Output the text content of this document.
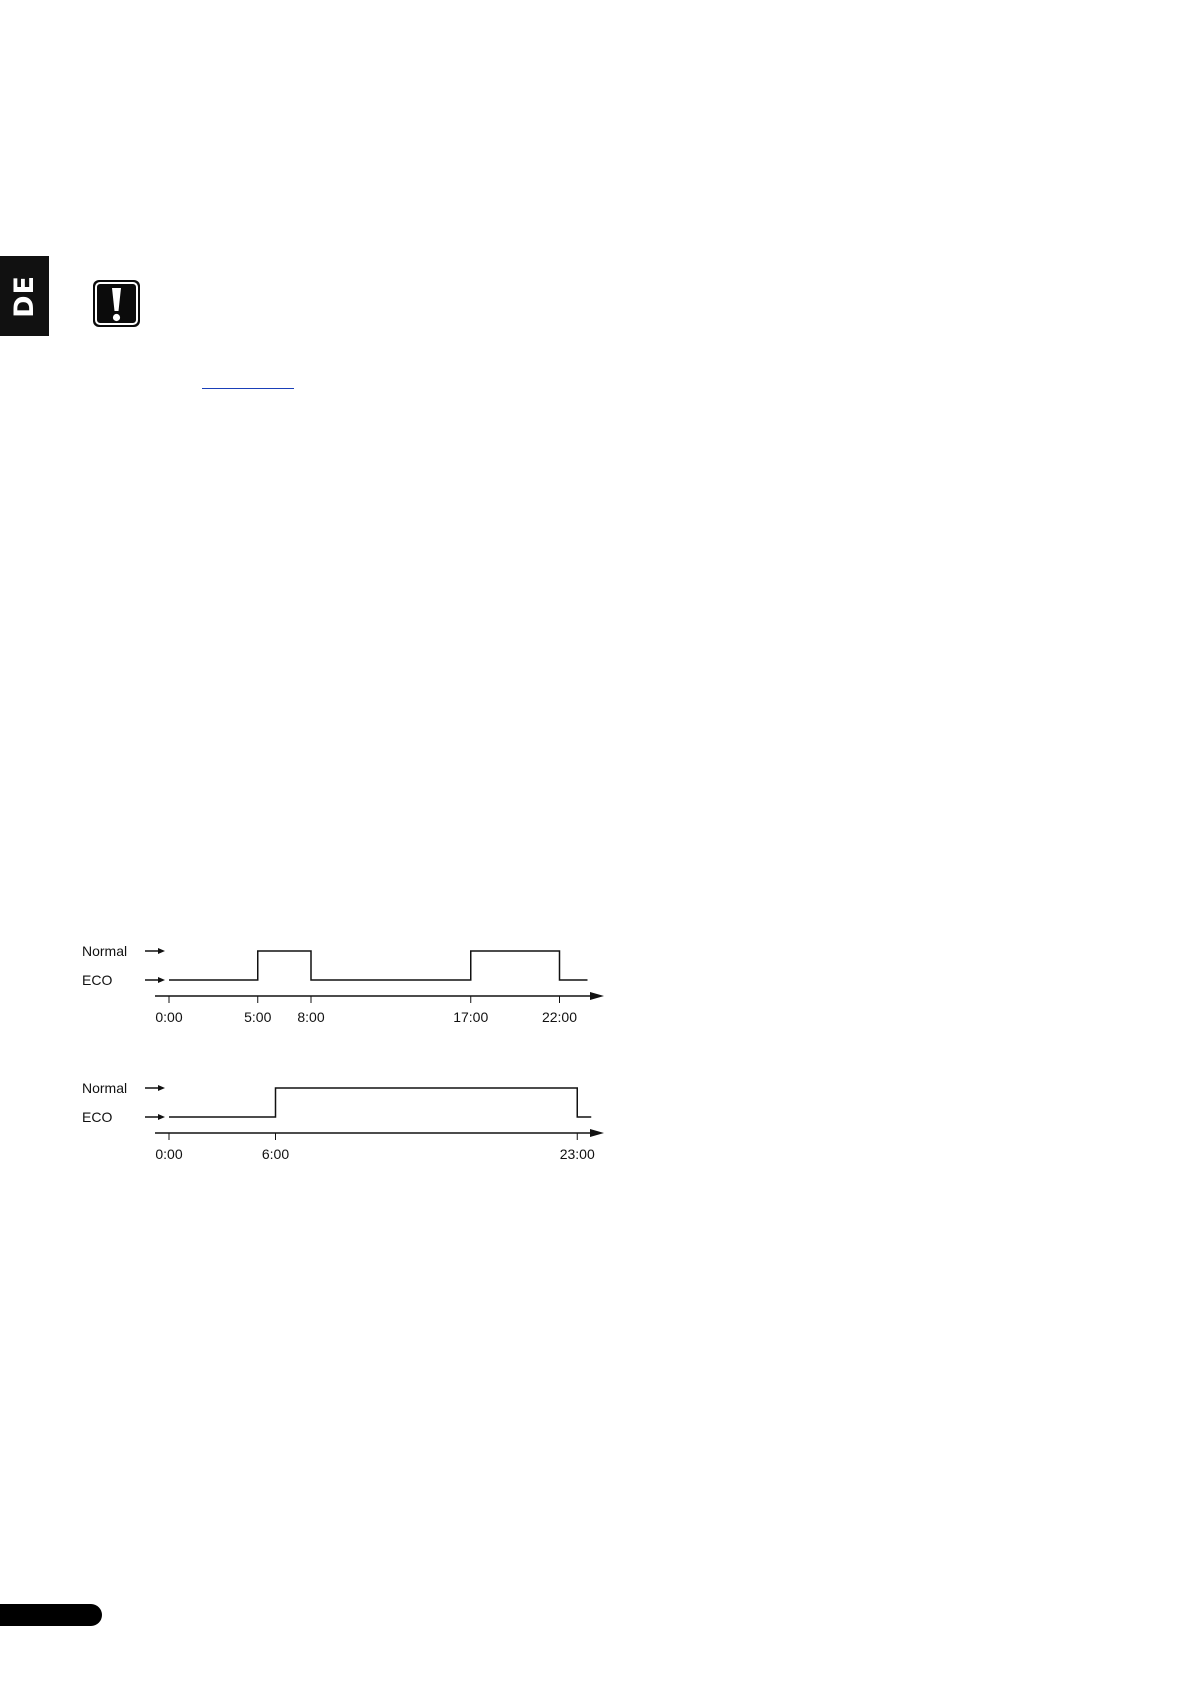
DE
Normal
ECO
0:00	5:00 8:00	17:00	22:00
Normal
ECO
0:00	6:00	23:00
